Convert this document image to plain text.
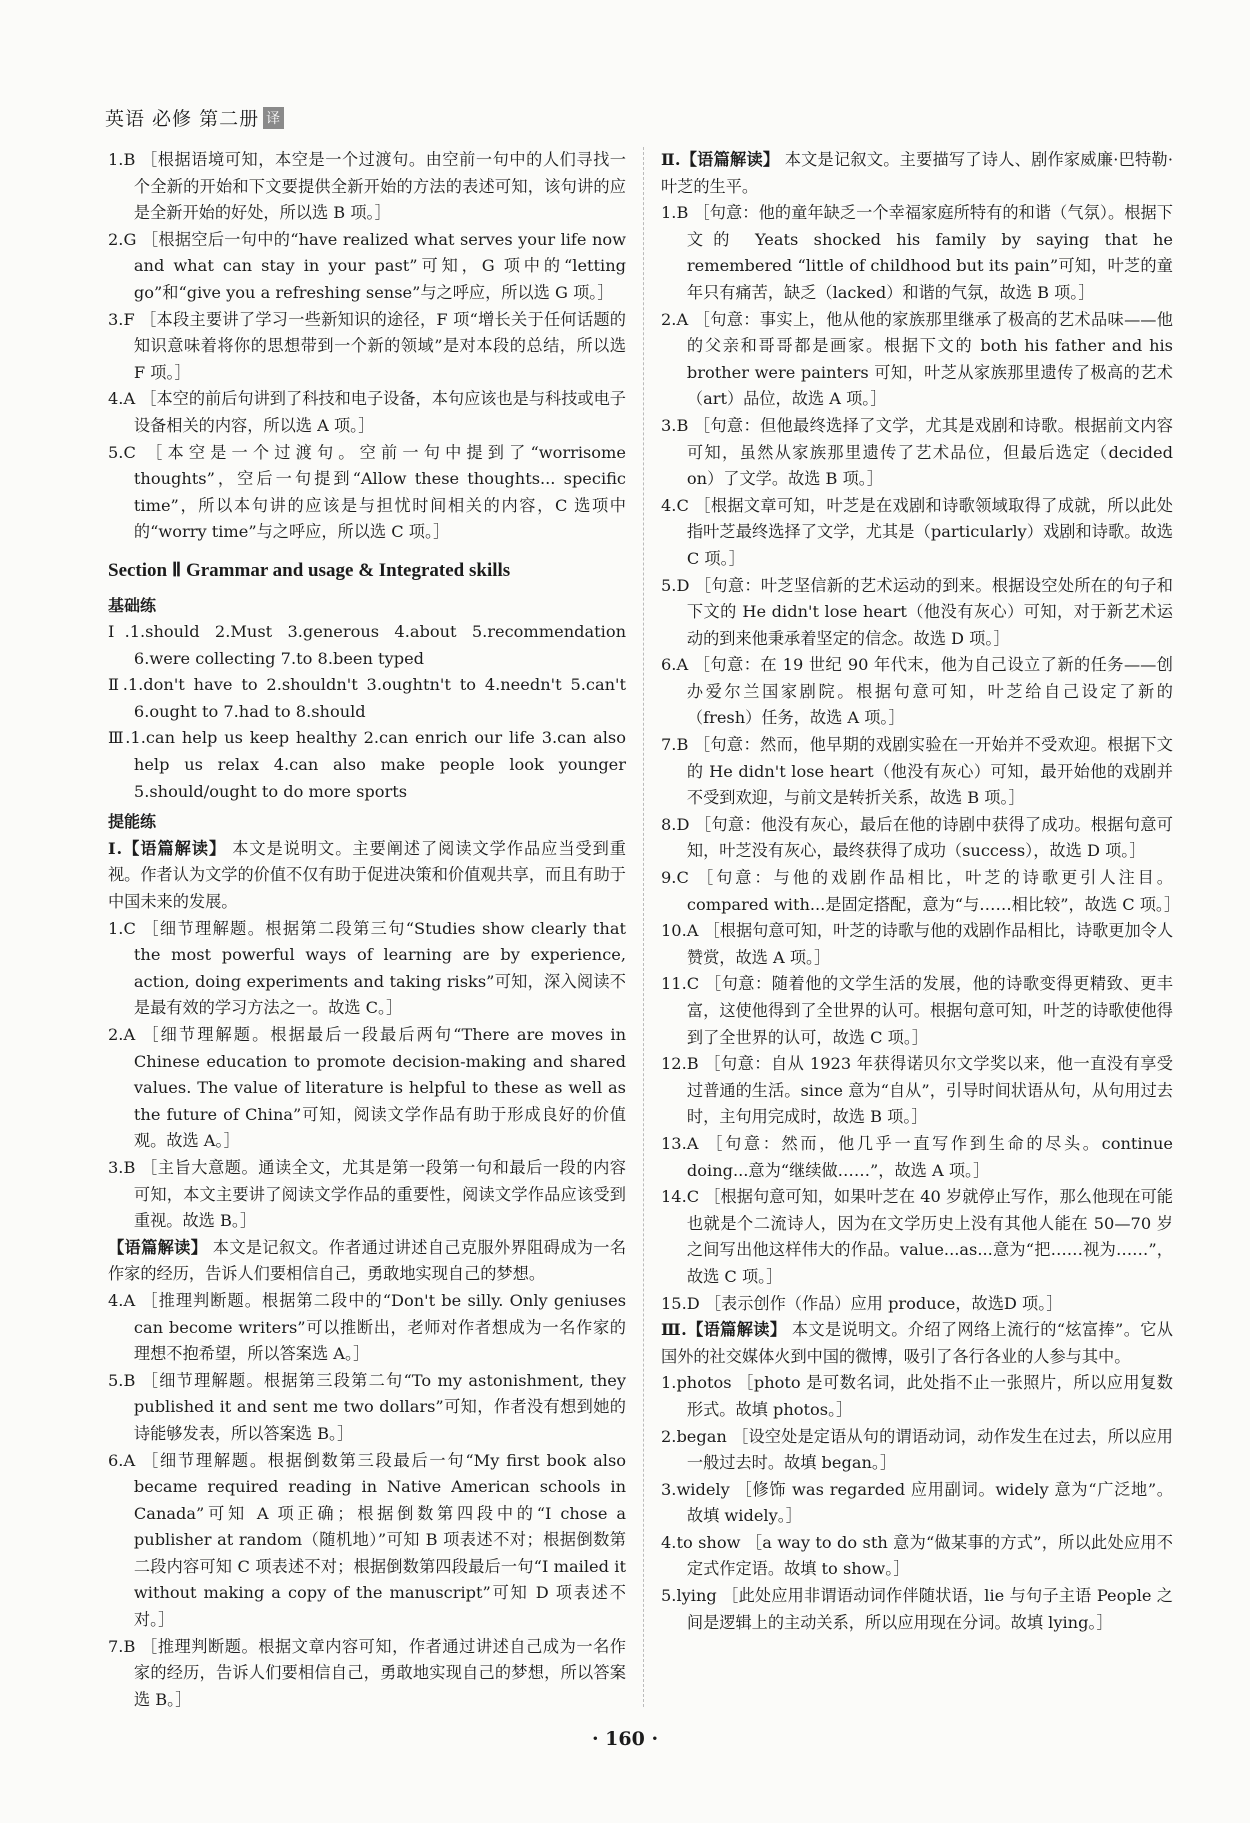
英语 必修 第二册 译

1.B ［根据语境可知，本空是一个过渡句。由空前一句中的人们寻找一个全新的开始和下文要提供全新开始的方法的表述可知，该句讲的应是全新开始的好处，所以选 B 项。］

2.G ［根据空后一句中的“have realized what serves your life now and what can stay in your past”可知，G 项中的“letting go”和“give you a refreshing sense”与之呼应，所以选 G 项。］

3.F ［本段主要讲了学习一些新知识的途径，F 项“增长关于任何话题的知识意味着将你的思想带到一个新的领域”是对本段的总结，所以选 F 项。］

4.A ［本空的前后句讲到了科技和电子设备，本句应该也是与科技或电子设备相关的内容，所以选 A 项。］

5.C ［本空是一个过渡句。空前一句中提到了“worrisome thoughts”，空后一句提到“Allow these thoughts... specific time”，所以本句讲的应该是与担忧时间相关的内容，C 选项中的“worry time”与之呼应，所以选 C 项。］

Section Ⅱ Grammar and usage & Integrated skills
基础练

Ⅰ.1.should 2.Must 3.generous 4.about 5.recommendation 6.were collecting 7.to 8.been typed

Ⅱ.1.don't have to 2.shouldn't 3.oughtn't to 4.needn't 5.can't 6.ought to 7.had to 8.should

Ⅲ.1.can help us keep healthy 2.can enrich our life 3.can also help us relax 4.can also make people look younger 5.should/ought to do more sports

提能练

Ⅰ.【语篇解读】 本文是说明文。主要阐述了阅读文学作品应当受到重视。作者认为文学的价值不仅有助于促进决策和价值观共享，而且有助于中国未来的发展。

1.C ［细节理解题。根据第二段第三句“Studies show clearly that the most powerful ways of learning are by experience, action, doing experiments and taking risks”可知，深入阅读不是最有效的学习方法之一。故选 C。］

2.A ［细节理解题。根据最后一段最后两句“There are moves in Chinese education to promote decision-making and shared values. The value of literature is helpful to these as well as the future of China”可知，阅读文学作品有助于形成良好的价值观。故选 A。］

3.B ［主旨大意题。通读全文，尤其是第一段第一句和最后一段的内容可知，本文主要讲了阅读文学作品的重要性，阅读文学作品应该受到重视。故选 B。］

【语篇解读】 本文是记叙文。作者通过讲述自己克服外界阻碍成为一名作家的经历，告诉人们要相信自己，勇敢地实现自己的梦想。

4.A ［推理判断题。根据第二段中的“Don't be silly. Only geniuses can become writers”可以推断出，老师对作者想成为一名作家的理想不抱希望，所以答案选 A。］

5.B ［细节理解题。根据第三段第二句“To my astonishment, they published it and sent me two dollars”可知，作者没有想到她的诗能够发表，所以答案选 B。］

6.A ［细节理解题。根据倒数第三段最后一句“My first book also became required reading in Native American schools in Canada”可知 A 项正确；根据倒数第四段中的“I chose a publisher at random（随机地）”可知 B 项表述不对；根据倒数第二段内容可知 C 项表述不对；根据倒数第四段最后一句“I mailed it without making a copy of the manuscript”可知 D 项表述不对。］

7.B ［推理判断题。根据文章内容可知，作者通过讲述自己成为一名作家的经历，告诉人们要相信自己，勇敢地实现自己的梦想，所以答案选 B。］

Ⅱ.【语篇解读】 本文是记叙文。主要描写了诗人、剧作家威廉·巴特勒·叶芝的生平。

1.B ［句意：他的童年缺乏一个幸福家庭所特有的和谐（气氛）。根据下文的 Yeats shocked his family by saying that he remembered “little of childhood but its pain”可知，叶芝的童年只有痛苦，缺乏（lacked）和谐的气氛，故选 B 项。］

2.A ［句意：事实上，他从他的家族那里继承了极高的艺术品味——他的父亲和哥哥都是画家。根据下文的 both his father and his brother were painters 可知，叶芝从家族那里遗传了极高的艺术（art）品位，故选 A 项。］

3.B ［句意：但他最终选择了文学，尤其是戏剧和诗歌。根据前文内容可知，虽然从家族那里遗传了艺术品位，但最后选定（decided on）了文学。故选 B 项。］

4.C ［根据文章可知，叶芝是在戏剧和诗歌领域取得了成就，所以此处指叶芝最终选择了文学，尤其是（particularly）戏剧和诗歌。故选 C 项。］

5.D ［句意：叶芝坚信新的艺术运动的到来。根据设空处所在的句子和下文的 He didn't lose heart（他没有灰心）可知，对于新艺术运动的到来他秉承着坚定的信念。故选 D 项。］

6.A ［句意：在 19 世纪 90 年代末，他为自己设立了新的任务——创办爱尔兰国家剧院。根据句意可知，叶芝给自己设定了新的（fresh）任务，故选 A 项。］

7.B ［句意：然而，他早期的戏剧实验在一开始并不受欢迎。根据下文的 He didn't lose heart（他没有灰心）可知，最开始他的戏剧并不受到欢迎，与前文是转折关系，故选 B 项。］

8.D ［句意：他没有灰心，最后在他的诗剧中获得了成功。根据句意可知，叶芝没有灰心，最终获得了成功（success），故选 D 项。］

9.C ［句意：与他的戏剧作品相比，叶芝的诗歌更引人注目。compared with...是固定搭配，意为“与……相比较”，故选 C 项。］

10.A ［根据句意可知，叶芝的诗歌与他的戏剧作品相比，诗歌更加令人赞赏，故选 A 项。］

11.C ［句意：随着他的文学生活的发展，他的诗歌变得更精致、更丰富，这使他得到了全世界的认可。根据句意可知，叶芝的诗歌使他得到了全世界的认可，故选 C 项。］

12.B ［句意：自从 1923 年获得诺贝尔文学奖以来，他一直没有享受过普通的生活。since 意为“自从”，引导时间状语从句，从句用过去时，主句用完成时，故选 B 项。］

13.A ［句意：然而，他几乎一直写作到生命的尽头。continue doing...意为“继续做……”，故选 A 项。］

14.C ［根据句意可知，如果叶芝在 40 岁就停止写作，那么他现在可能也就是个二流诗人，因为在文学历史上没有其他人能在 50—70 岁之间写出他这样伟大的作品。value...as...意为“把……视为……”，故选 C 项。］

15.D ［表示创作（作品）应用 produce，故选D 项。］

Ⅲ.【语篇解读】 本文是说明文。介绍了网络上流行的“炫富捧”。它从国外的社交媒体火到中国的微博，吸引了各行各业的人参与其中。

1.photos ［photo 是可数名词，此处指不止一张照片，所以应用复数形式。故填 photos。］

2.began ［设空处是定语从句的谓语动词，动作发生在过去，所以应用一般过去时。故填 began。］

3.widely ［修饰 was regarded 应用副词。widely 意为“广泛地”。故填 widely。］

4.to show ［a way to do sth 意为“做某事的方式”，所以此处应用不定式作定语。故填 to show。］

5.lying ［此处应用非谓语动词作伴随状语，lie 与句子主语 People 之间是逻辑上的主动关系，所以应用现在分词。故填 lying。］

· 160 ·
